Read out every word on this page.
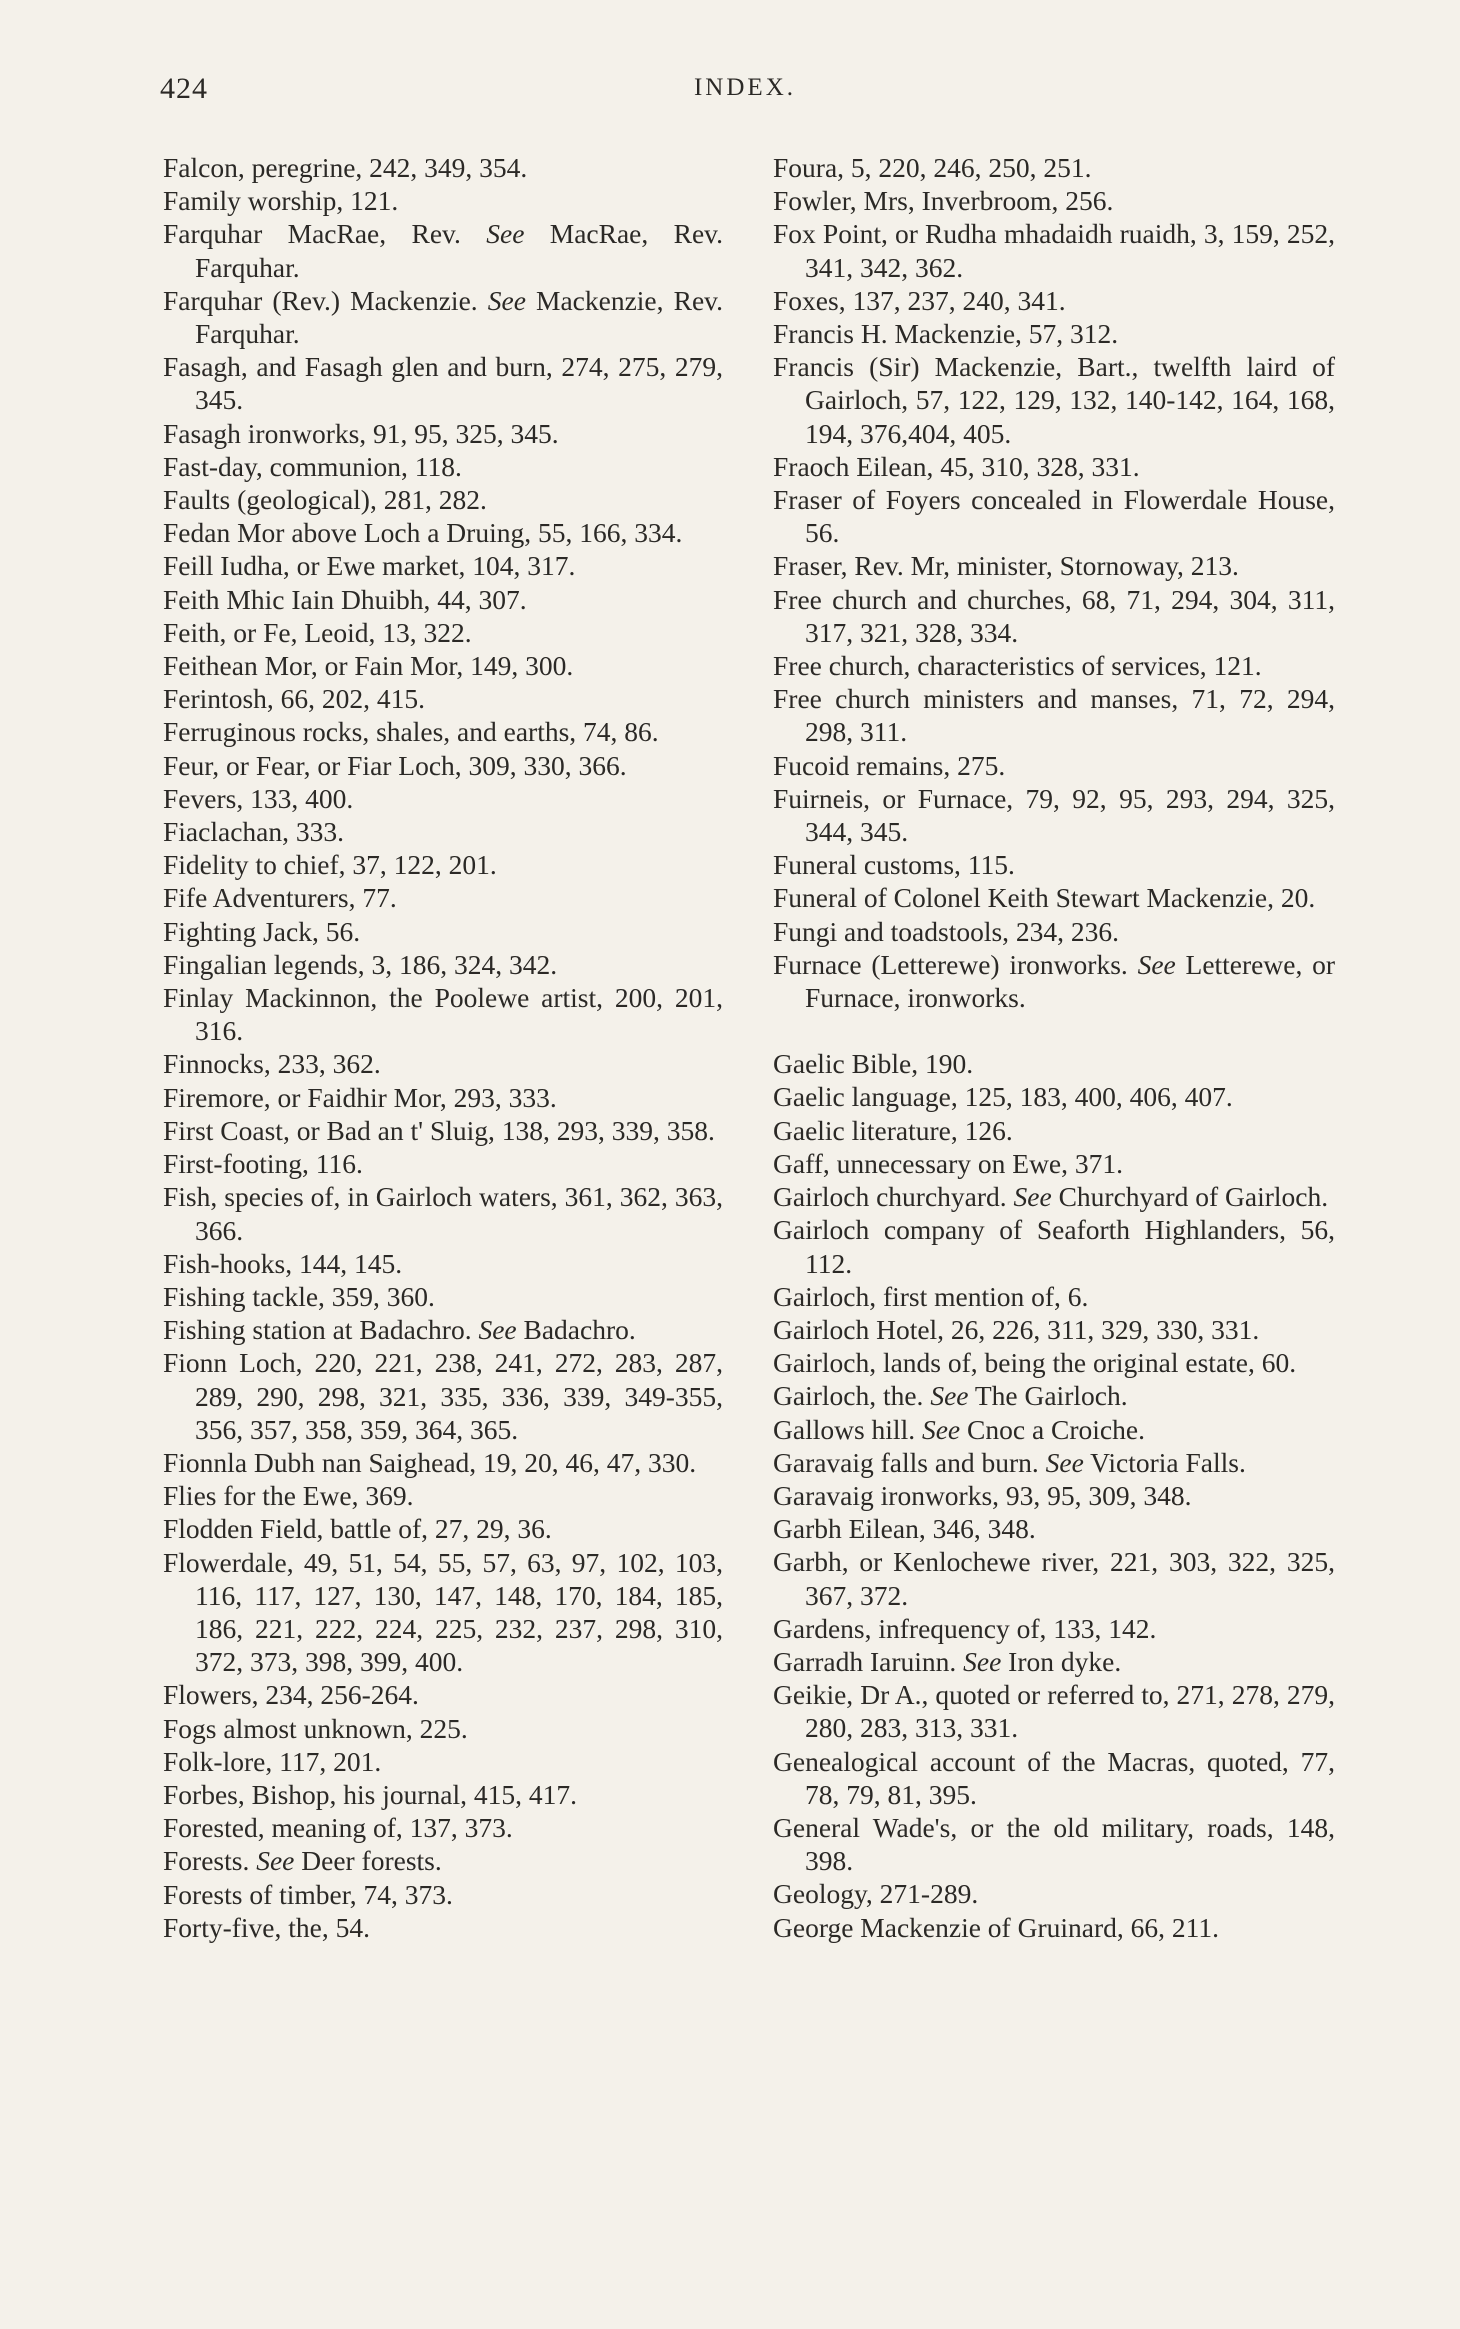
424	INDEX.

Falcon, peregrine, 242, 349, 354.

Family worship, 121.

Farquhar MacRae, Rev. See MacRae, Rev. Farquhar.

Farquhar (Rev.) Mackenzie. See Mackenzie, Rev. Farquhar.

Fasagh, and Fasagh glen and burn, 274, 275, 279, 345.

Fasagh ironworks, 91, 95, 325, 345.

Fast-day, communion, 118.

Faults (geological), 281, 282.

Fedan Mor above Loch a Druing, 55, 166, 334.

Feill Iudha, or Ewe market, 104, 317.

Feith Mhic Iain Dhuibh, 44, 307.

Feith, or Fe, Leoid, 13, 322.

Feithean Mor, or Fain Mor, 149, 300.

Ferintosh, 66, 202, 415.

Ferruginous rocks, shales, and earths, 74, 86.

Feur, or Fear, or Fiar Loch, 309, 330, 366.

Fevers, 133, 400.

Fiaclachan, 333.

Fidelity to chief, 37, 122, 201.

Fife Adventurers, 77.

Fighting Jack, 56.

Fingalian legends, 3, 186, 324, 342.

Finlay Mackinnon, the Poolewe artist, 200, 201, 316.

Finnocks, 233, 362.

Firemore, or Faidhir Mor, 293, 333.

First Coast, or Bad an t' Sluig, 138, 293, 339, 358.

First-footing, 116.

Fish, species of, in Gairloch waters, 361, 362, 363, 366.

Fish-hooks, 144, 145.

Fishing tackle, 359, 360.

Fishing station at Badachro. See Badachro.

Fionn Loch, 220, 221, 238, 241, 272, 283, 287, 289, 290, 298, 321, 335, 336, 339, 349-355, 356, 357, 358, 359, 364, 365.

Fionnla Dubh nan Saighead, 19, 20, 46, 47, 330.

Flies for the Ewe, 369.

Flodden Field, battle of, 27, 29, 36.

Flowerdale, 49, 51, 54, 55, 57, 63, 97, 102, 103, 116, 117, 127, 130, 147, 148, 170, 184, 185, 186, 221, 222, 224, 225, 232, 237, 298, 310, 372, 373, 398, 399, 400.

Flowers, 234, 256-264.

Fogs almost unknown, 225.

Folk-lore, 117, 201.

Forbes, Bishop, his journal, 415, 417.

Forested, meaning of, 137, 373.

Forests. See Deer forests.

Forests of timber, 74, 373.

Forty-five, the, 54.

Foura, 5, 220, 246, 250, 251.

Fowler, Mrs, Inverbroom, 256.

Fox Point, or Rudha mhadaidh ruaidh, 3, 159, 252, 341, 342, 362.

Foxes, 137, 237, 240, 341.

Francis H. Mackenzie, 57, 312.

Francis (Sir) Mackenzie, Bart., twelfth laird of Gairloch, 57, 122, 129, 132, 140-142, 164, 168, 194, 376,404, 405.

Fraoch Eilean, 45, 310, 328, 331.

Fraser of Foyers concealed in Flowerdale House, 56.

Fraser, Rev. Mr, minister, Stornoway, 213.

Free church and churches, 68, 71, 294, 304, 311, 317, 321, 328, 334.

Free church, characteristics of services, 121.

Free church ministers and manses, 71, 72, 294, 298, 311.

Fucoid remains, 275.

Fuirneis, or Furnace, 79, 92, 95, 293, 294, 325, 344, 345.

Funeral customs, 115.

Funeral of Colonel Keith Stewart Mackenzie, 20.

Fungi and toadstools, 234, 236.

Furnace (Letterewe) ironworks. See Letterewe, or Furnace, ironworks.

Gaelic Bible, 190.

Gaelic language, 125, 183, 400, 406, 407.

Gaelic literature, 126.

Gaff, unnecessary on Ewe, 371.

Gairloch churchyard. See Churchyard of Gairloch.

Gairloch company of Seaforth Highlanders, 56, 112.

Gairloch, first mention of, 6.

Gairloch Hotel, 26, 226, 311, 329, 330, 331.

Gairloch, lands of, being the original estate, 60.

Gairloch, the. See The Gairloch.

Gallows hill. See Cnoc a Croiche.

Garavaig falls and burn. See Victoria Falls.

Garavaig ironworks, 93, 95, 309, 348.

Garbh Eilean, 346, 348.

Garbh, or Kenlochewe river, 221, 303, 322, 325, 367, 372.

Gardens, infrequency of, 133, 142.

Garradh Iaruinn. See Iron dyke.

Geikie, Dr A., quoted or referred to, 271, 278, 279, 280, 283, 313, 331.

Genealogical account of the Macras, quoted, 77, 78, 79, 81, 395.

General Wade's, or the old military, roads, 148, 398.

Geology, 271-289.

George Mackenzie of Gruinard, 66, 211.
